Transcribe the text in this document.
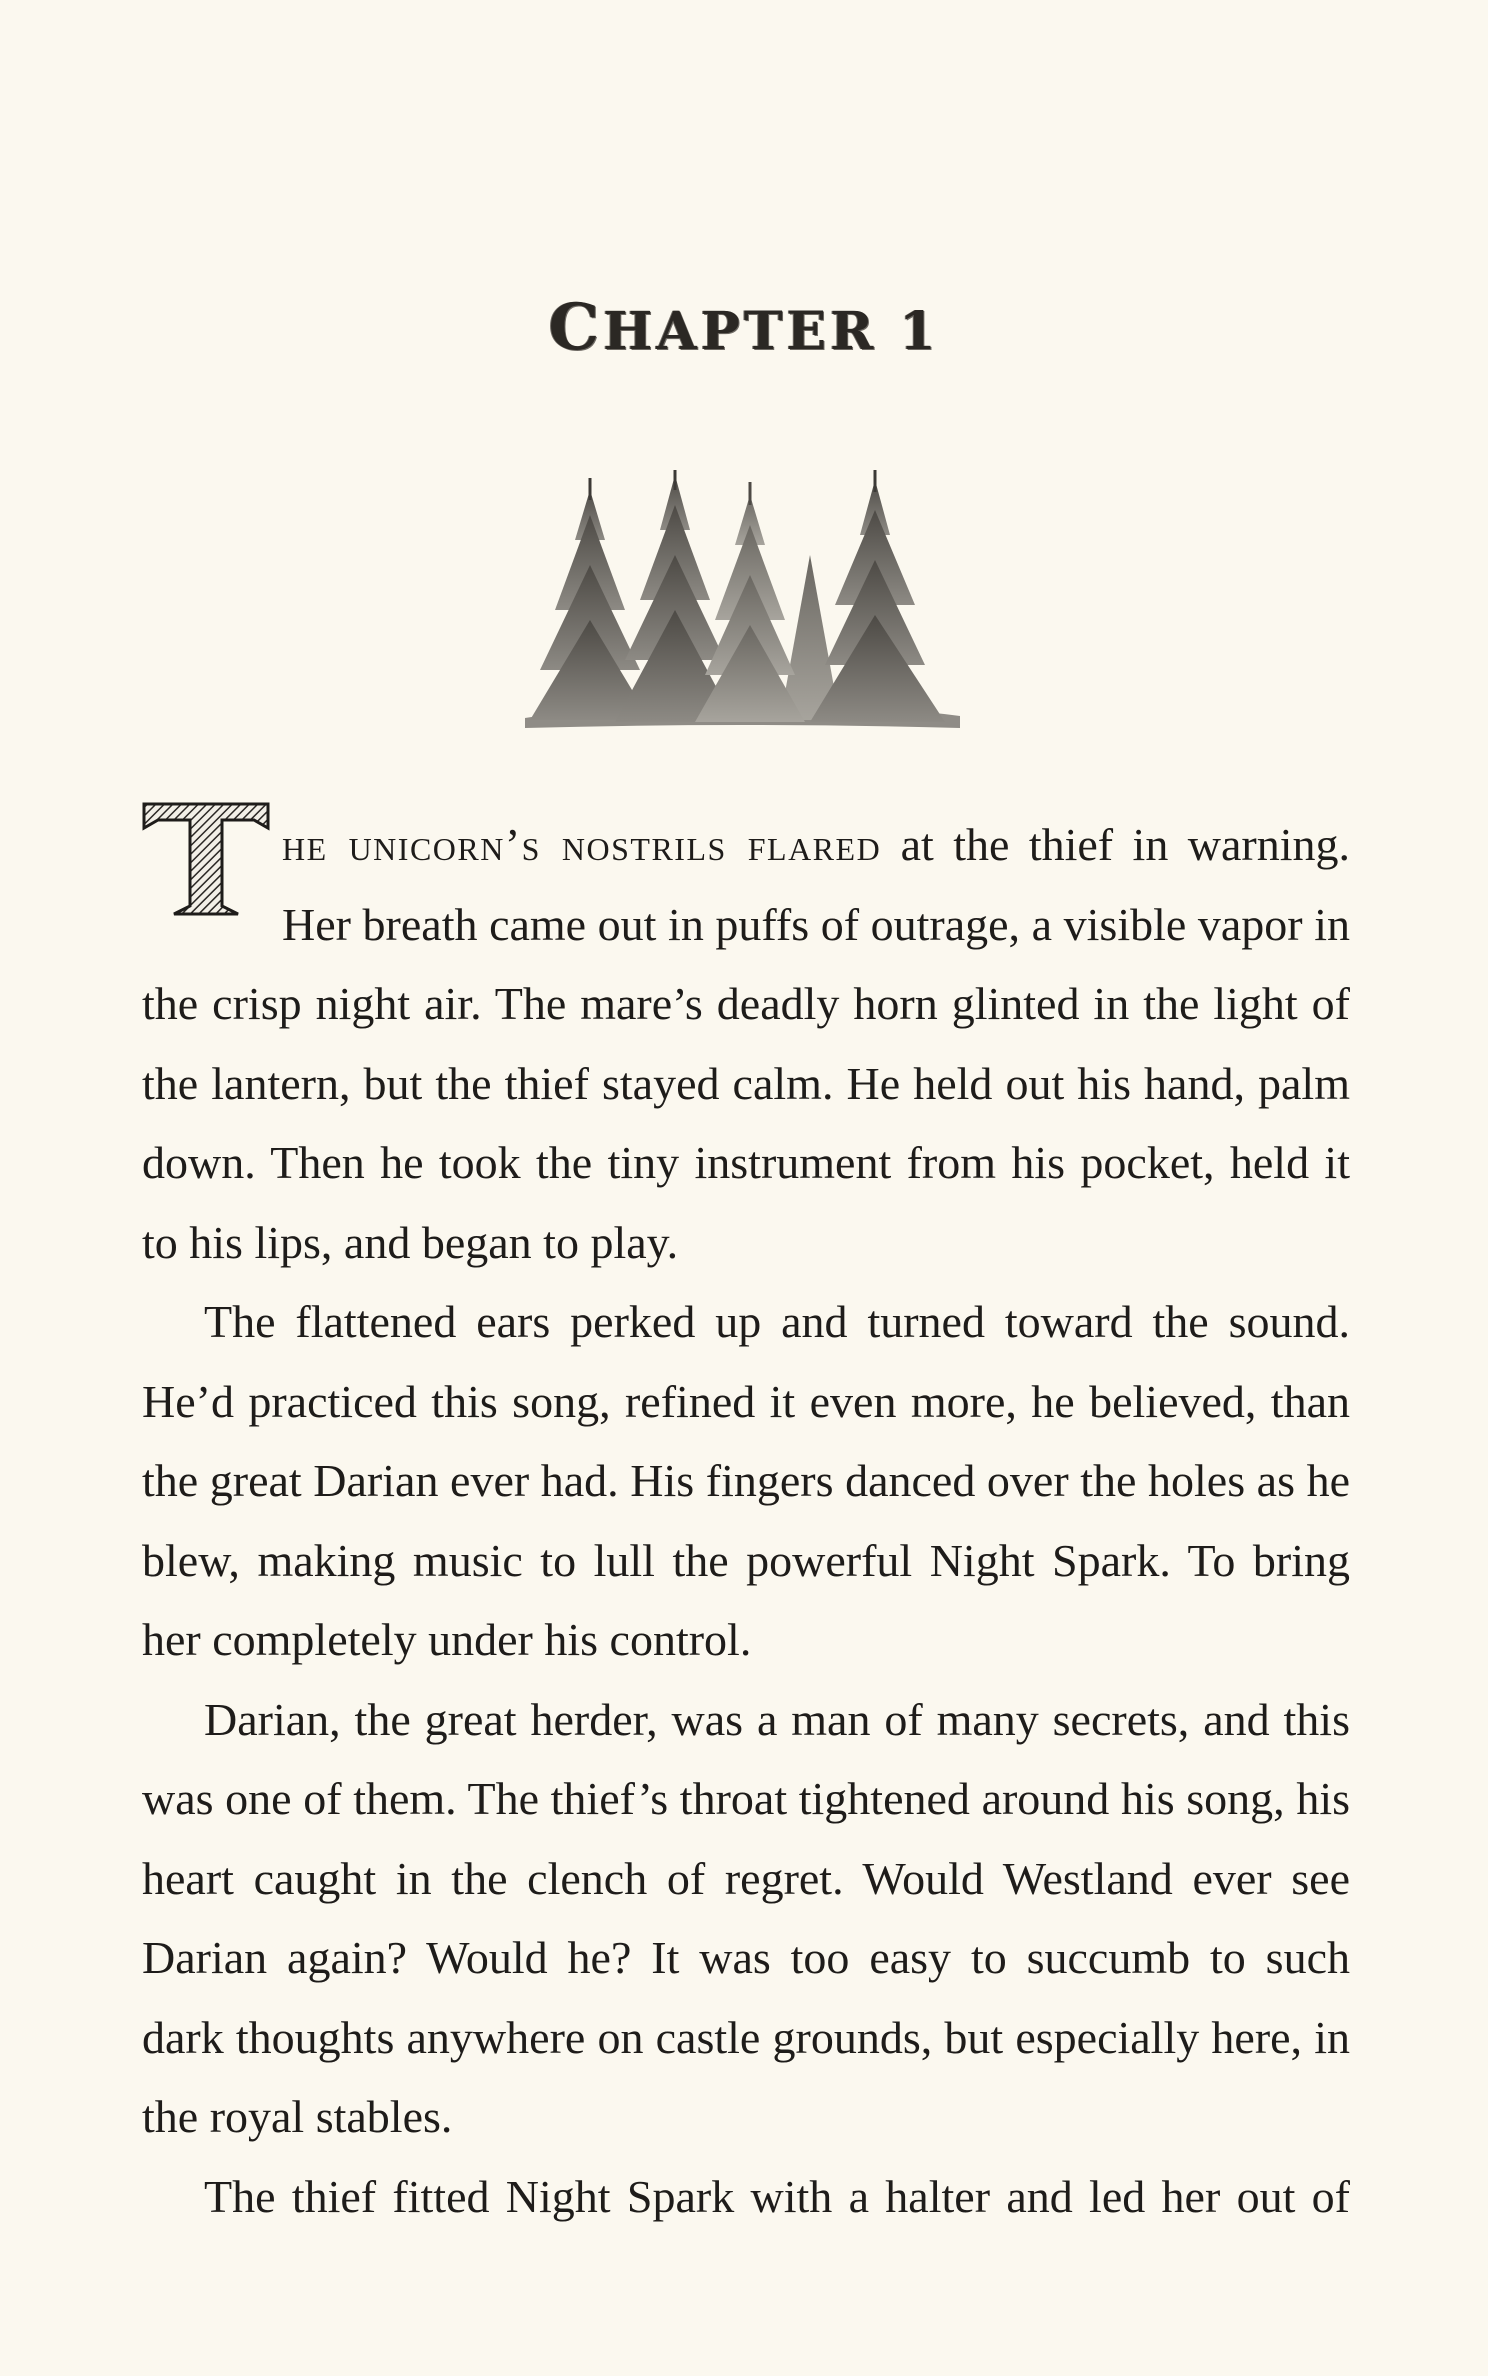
CHAPTER 1

he unicorn’s nostrils flared at the thief in warning. Her breath came out in puffs of outrage, a visible vapor in the crisp night air. The mare’s deadly horn glinted in the light of the lantern, but the thief stayed calm. He held out his hand, palm down. Then he took the tiny instrument from his pocket, held it to his lips, and began to play.

The flattened ears perked up and turned toward the sound. He’d practiced this song, refined it even more, he believed, than the great Darian ever had. His fingers danced over the holes as he blew, making music to lull the powerful Night Spark. To bring her completely under his control.

Darian, the great herder, was a man of many secrets, and this was one of them. The thief’s throat tightened around his song, his heart caught in the clench of regret. Would Westland ever see Darian again? Would he? It was too easy to succumb to such dark thoughts anywhere on castle grounds, but especially here, in the royal stables.

The thief fitted Night Spark with a halter and led her out of
